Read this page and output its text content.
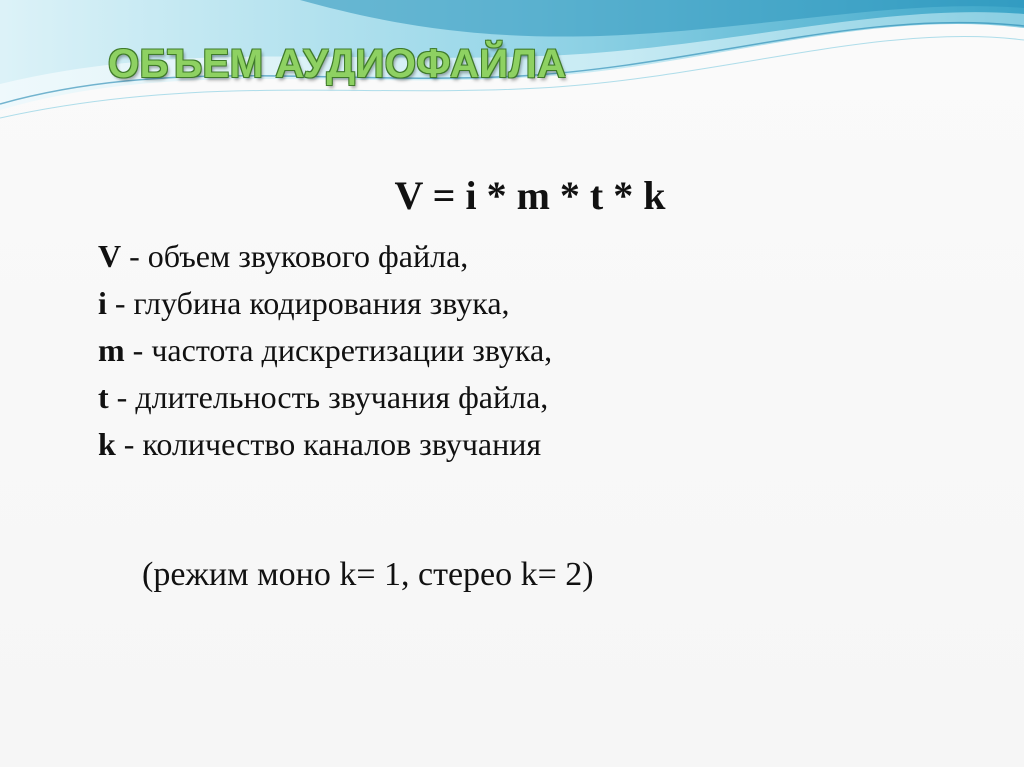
ОБЪЕМ АУДИОФАЙЛА

V = i * m * t * k

V - объем звукового файла,
i - глубина кодирования звука,
m - частота дискретизации звука,
t - длительность звучания файла,
k - количество каналов звучания

(режим моно k= 1, стерео k= 2)
